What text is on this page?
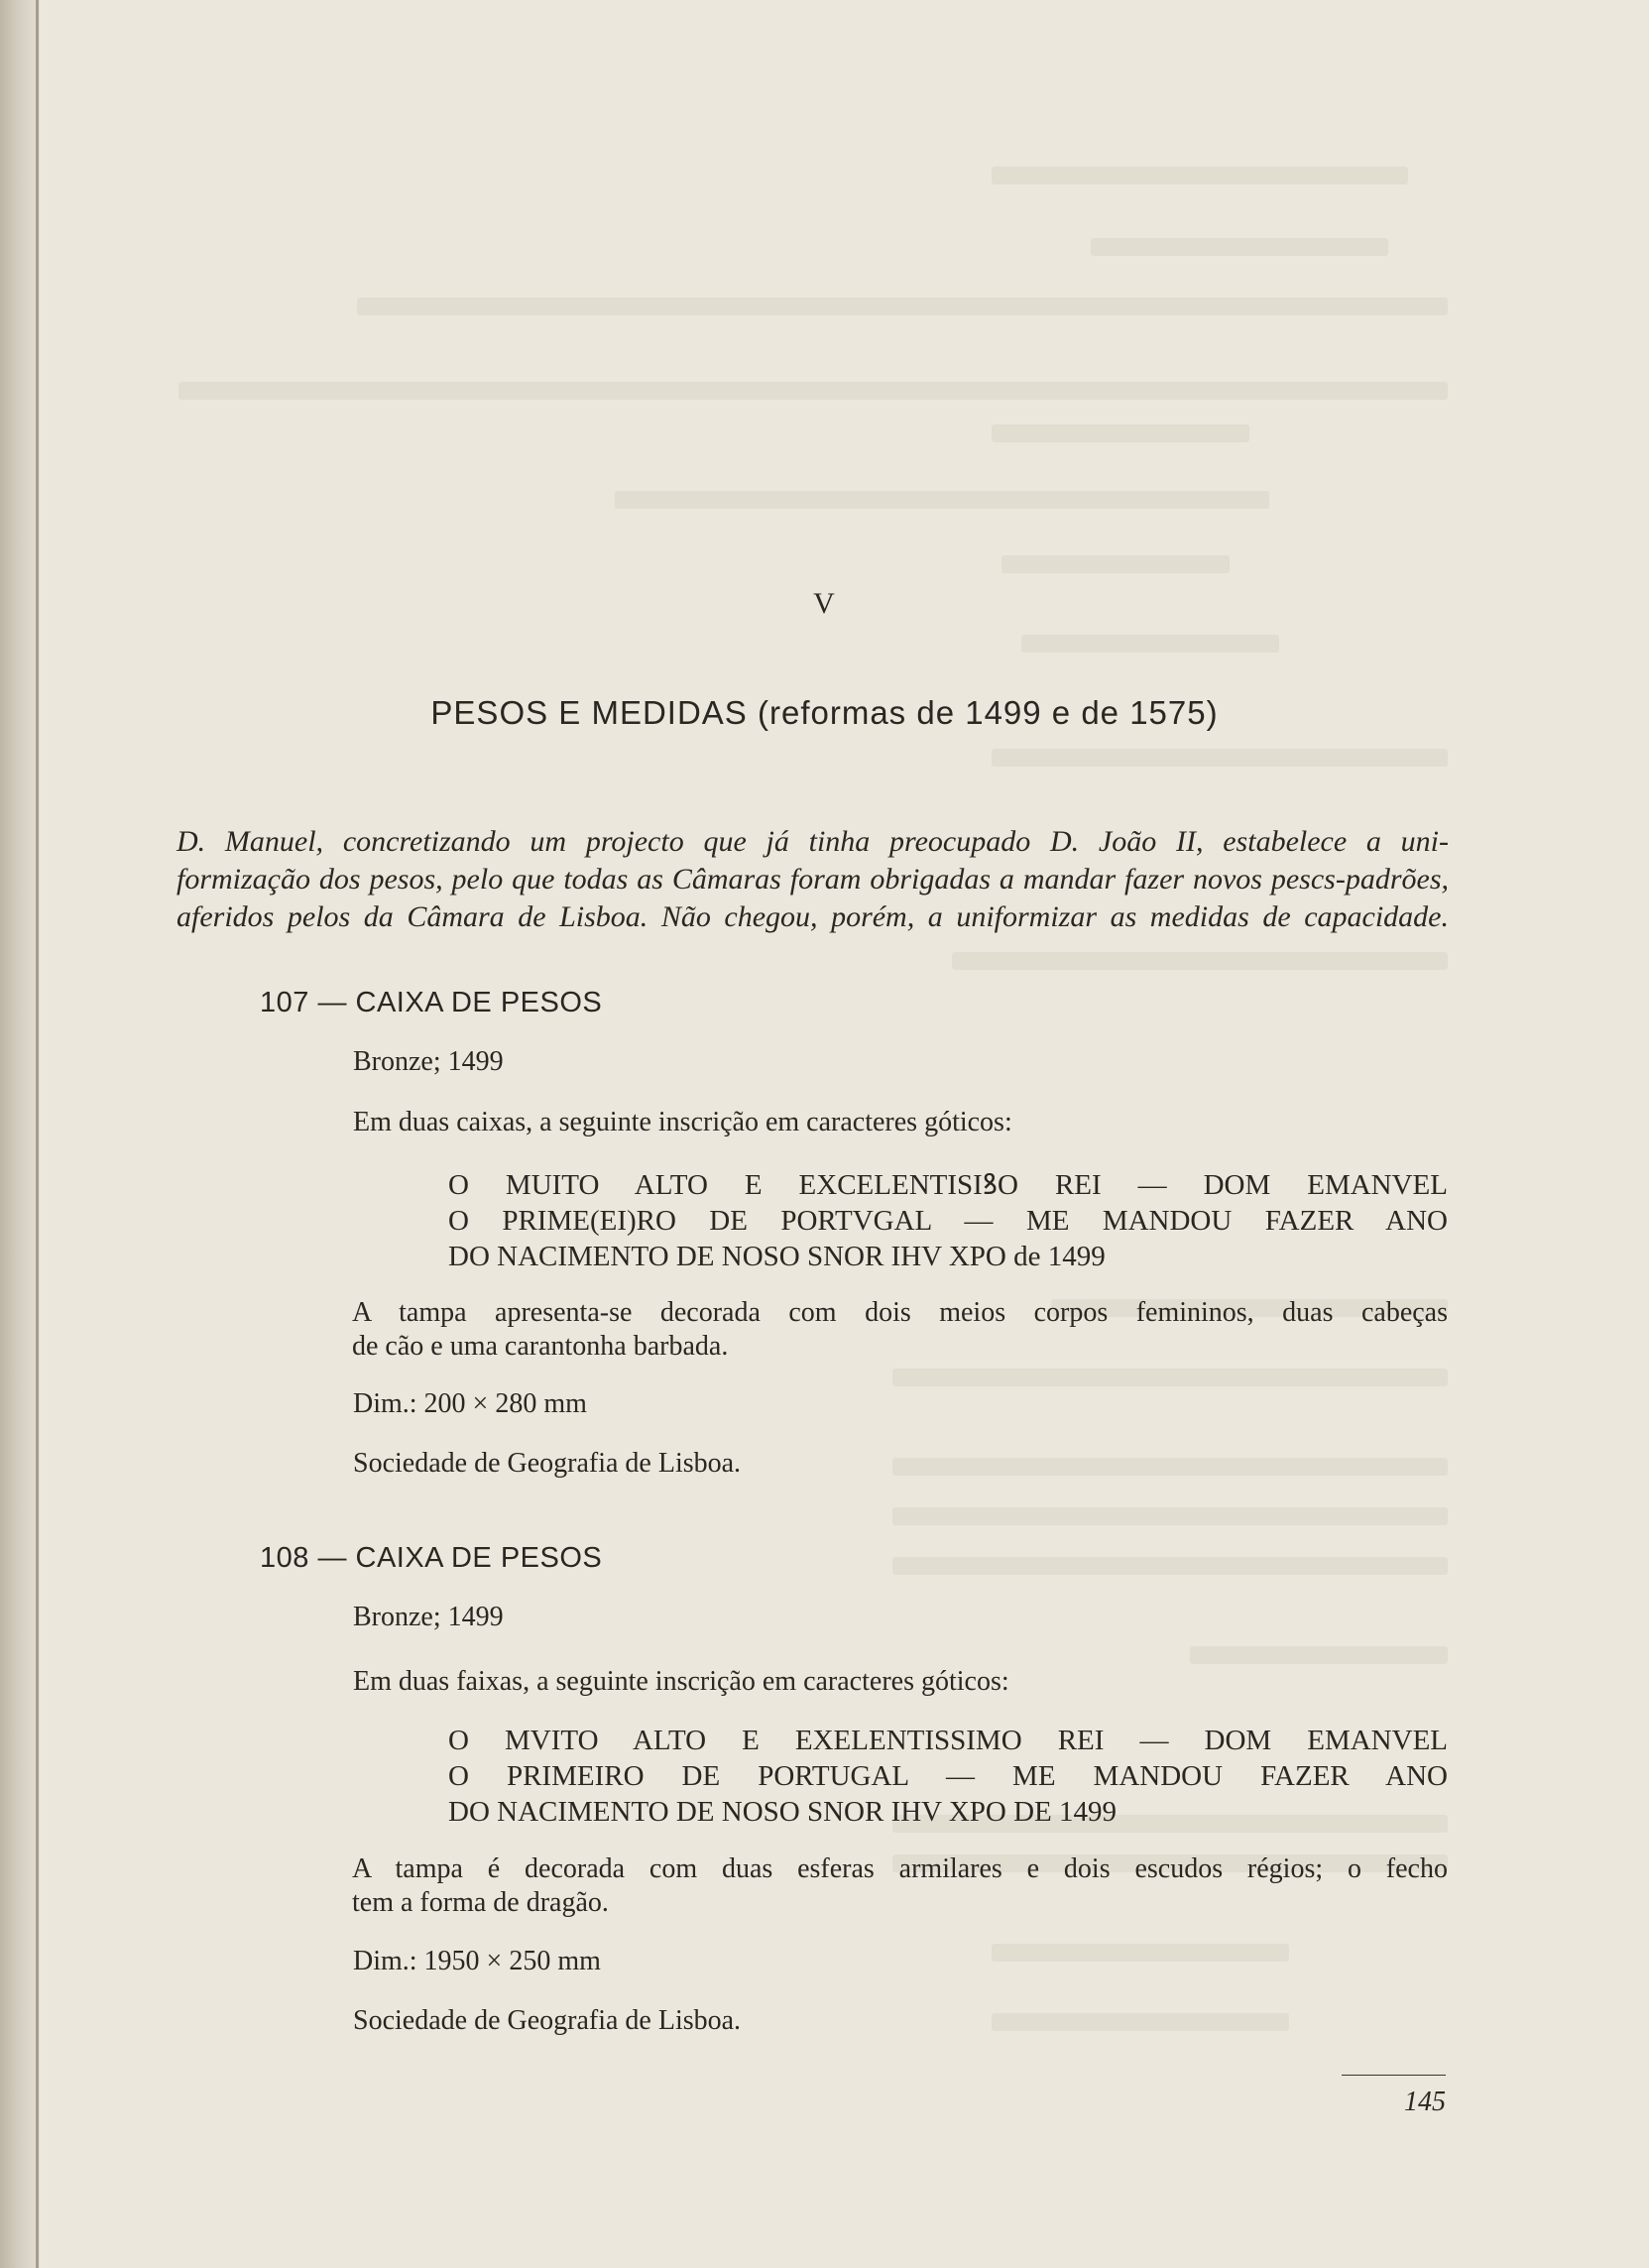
V
PESOS E MEDIDAS (reformas de 1499 e de 1575)
D. Manuel, concretizando um projecto que já tinha preocupado D. João II, estabelece a uni-
formização dos pesos, pelo que todas as Câmaras foram obrigadas a mandar fazer novos pescs-padrões,
aferidos pelos da Câmara de Lisboa. Não chegou, porém, a uniformizar as medidas de capacidade.
107 — CAIXA DE PESOS
Bronze; 1499
Em duas caixas, a seguinte inscrição em caracteres góticos:
O MUITO ALTO E EXCELENTISIꝸO REI — DOM EMANVEL
O PRIME(EI)RO DE PORTVGAL — ME MANDOU FAZER ANO
DO NACIMENTO DE NOSO SNOR IHV XPO de 1499
A tampa apresenta-se decorada com dois meios corpos femininos, duas cabeças
de cão e uma carantonha barbada.
Dim.: 200 × 280 mm
Sociedade de Geografia de Lisboa.
108 — CAIXA DE PESOS
Bronze; 1499
Em duas faixas, a seguinte inscrição em caracteres góticos:
O MVITO ALTO E EXELENTISSIMO REI — DOM EMANVEL
O PRIMEIRO DE PORTUGAL — ME MANDOU FAZER ANO
DO NACIMENTO DE NOSO SNOR IHV XPO DE 1499
A tampa é decorada com duas esferas armilares e dois escudos régios; o fecho
tem a forma de dragão.
Dim.: 1950 × 250 mm
Sociedade de Geografia de Lisboa.
145
